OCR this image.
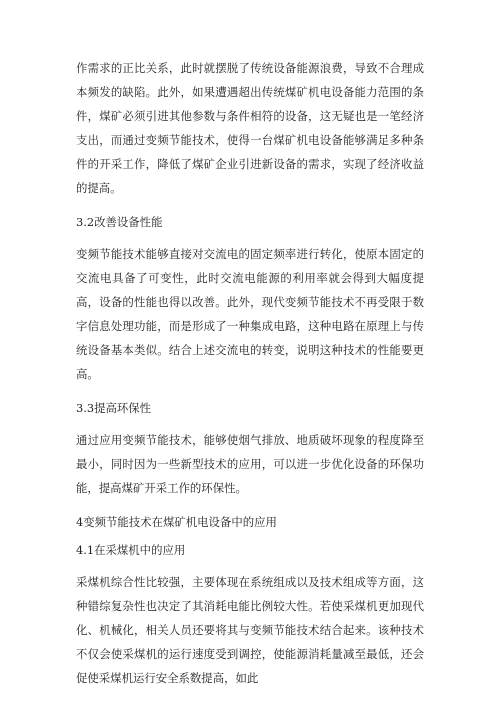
作需求的正比关系，此时就摆脱了传统设备能源浪费，导致不合理成本频发的缺陷。此外，如果遭遇超出传统煤矿机电设备能力范围的条件，煤矿必须引进其他参数与条件相符的设备，这无疑也是一笔经济支出，而通过变频节能技术，使得一台煤矿机电设备能够满足多种条件的开采工作，降低了煤矿企业引进新设备的需求，实现了经济收益的提高。

3.2改善设备性能

变频节能技术能够直接对交流电的固定频率进行转化，使原本固定的交流电具备了可变性，此时交流电能源的利用率就会得到大幅度提高，设备的性能也得以改善。此外，现代变频节能技术不再受限于数字信息处理功能，而是形成了一种集成电路，这种电路在原理上与传统设备基本类似。结合上述交流电的转变，说明这种技术的性能要更高。

3.3提高环保性

通过应用变频节能技术，能够使烟气排放、地质破坏现象的程度降至最小，同时因为一些新型技术的应用，可以进一步优化设备的环保功能，提高煤矿开采工作的环保性。

4变频节能技术在煤矿机电设备中的应用
4.1在采煤机中的应用

采煤机综合性比较强，主要体现在系统组成以及技术组成等方面，这种错综复杂性也决定了其消耗电能比例较大性。若使采煤机更加现代化、机械化，相关人员还要将其与变频节能技术结合起来。该种技术不仅会使采煤机的运行速度受到调控，使能源消耗量减至最低，还会促使采煤机运行安全系数提高，如此
